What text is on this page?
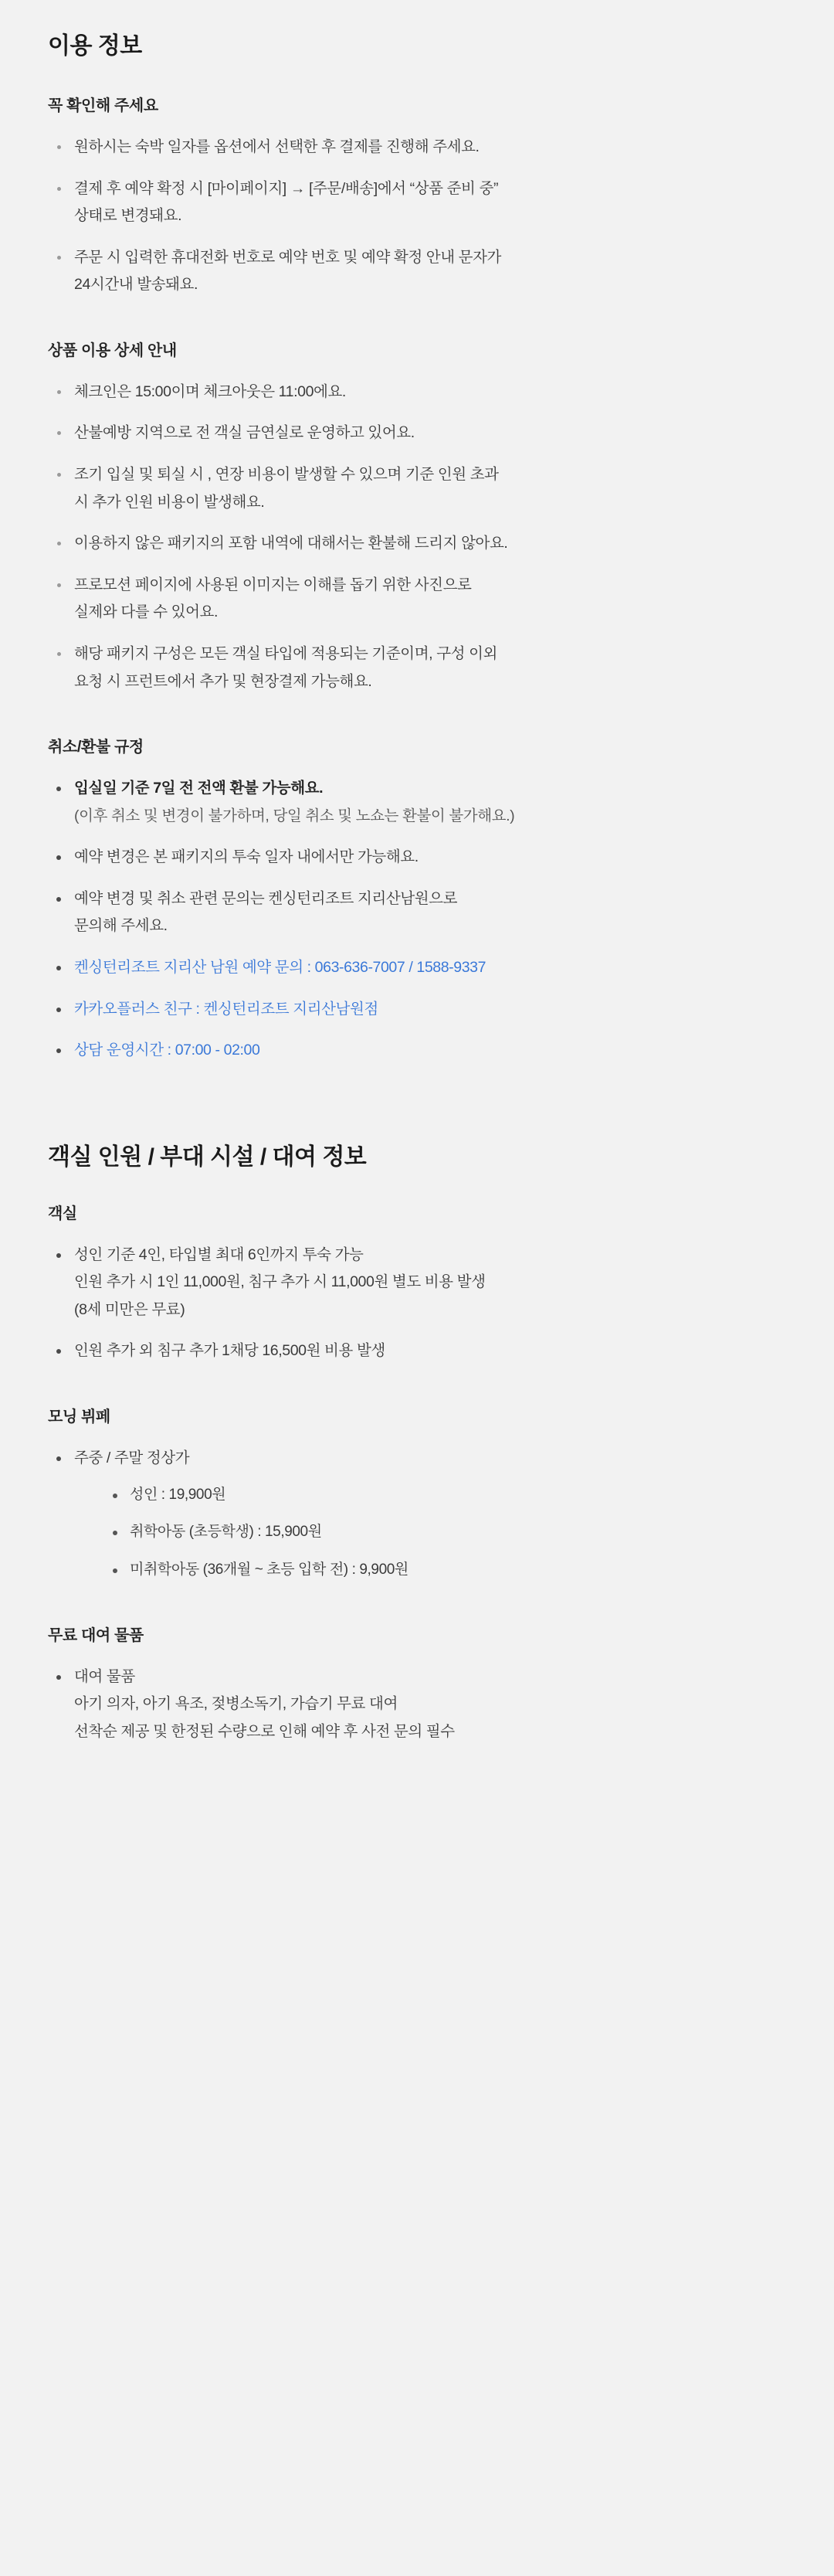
이용 정보
꼭 확인해 주세요
원하시는 숙박 일자를 옵션에서 선택한 후 결제를 진행해 주세요.
결제 후 예약 확정 시 [마이페이지] → [주문/배송]에서 “상품 준비 중”
상태로 변경돼요.
주문 시 입력한 휴대전화 번호로 예약 번호 및 예약 확정 안내 문자가
24시간내 발송돼요.
상품 이용 상세 안내
체크인은 15:00이며 체크아웃은 11:00에요.
산불예방 지역으로 전 객실 금연실로 운영하고 있어요.
조기 입실 및 퇴실 시 , 연장 비용이 발생할 수 있으며 기준 인원 초과
시 추가 인원 비용이 발생해요.
이용하지 않은 패키지의 포함 내역에 대해서는 환불해 드리지 않아요.
프로모션 페이지에 사용된 이미지는 이해를 돕기 위한 사진으로
실제와 다를 수 있어요.
해당 패키지 구성은 모든 객실 타입에 적용되는 기준이며, 구성 이외
요청 시 프런트에서 추가 및 현장결제 가능해요.
취소/환불 규정
입실일 기준 7일 전 전액 환불 가능해요.
(이후 취소 및 변경이 불가하며, 당일 취소 및 노쇼는 환불이 불가해요.)
예약 변경은 본 패키지의 투숙 일자 내에서만 가능해요.
예약 변경 및 취소 관련 문의는 켄싱턴리조트 지리산남원으로
문의해 주세요.
켄싱턴리조트 지리산 남원 예약 문의 : 063-636-7007 / 1588-9337
카카오플러스 친구 : 켄싱턴리조트 지리산남원점
상담 운영시간 : 07:00 - 02:00
객실 인원 / 부대 시설 / 대여 정보
객실
성인 기준 4인, 타입별 최대 6인까지 투숙 가능
인원 추가 시 1인 11,000원, 침구 추가 시 11,000원 별도 비용 발생
(8세 미만은 무료)
인원 추가 외 침구 추가 1채당 16,500원 비용 발생
모닝 뷔페
주중 / 주말 정상가
성인 : 19,900원
취학아동 (초등학생) : 15,900원
미취학아동 (36개월 ~ 초등 입학 전) : 9,900원
무료 대여 물품
대여 물품
아기 의자, 아기 욕조, 젖병소독기, 가습기 무료 대여
선착순 제공 및 한정된 수량으로 인해 예약 후 사전 문의 필수
